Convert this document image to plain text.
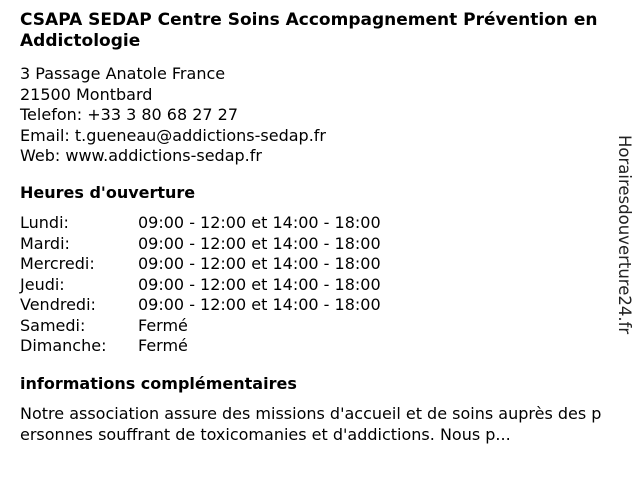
CSAPA SEDAP Centre Soins Accompagnement Prévention en Addictologie
3 Passage Anatole France
21500 Montbard
Telefon: +33 3 80 68 27 27
Email: t.gueneau@addictions-sedap.fr
Web: www.addictions-sedap.fr
Heures d'ouverture
Lundi:	09:00 - 12:00 et 14:00 - 18:00
Mardi:	09:00 - 12:00 et 14:00 - 18:00
Mercredi:	09:00 - 12:00 et 14:00 - 18:00
Jeudi:	09:00 - 12:00 et 14:00 - 18:00
Vendredi:	09:00 - 12:00 et 14:00 - 18:00
Samedi:	Fermé
Dimanche: Fermé
informations complémentaires
Notre association assure des missions d'accueil et de soins auprès des personnes souffrant de toxicomanies et d'addictions. Nous p...
Horairesdouverture24.fr
